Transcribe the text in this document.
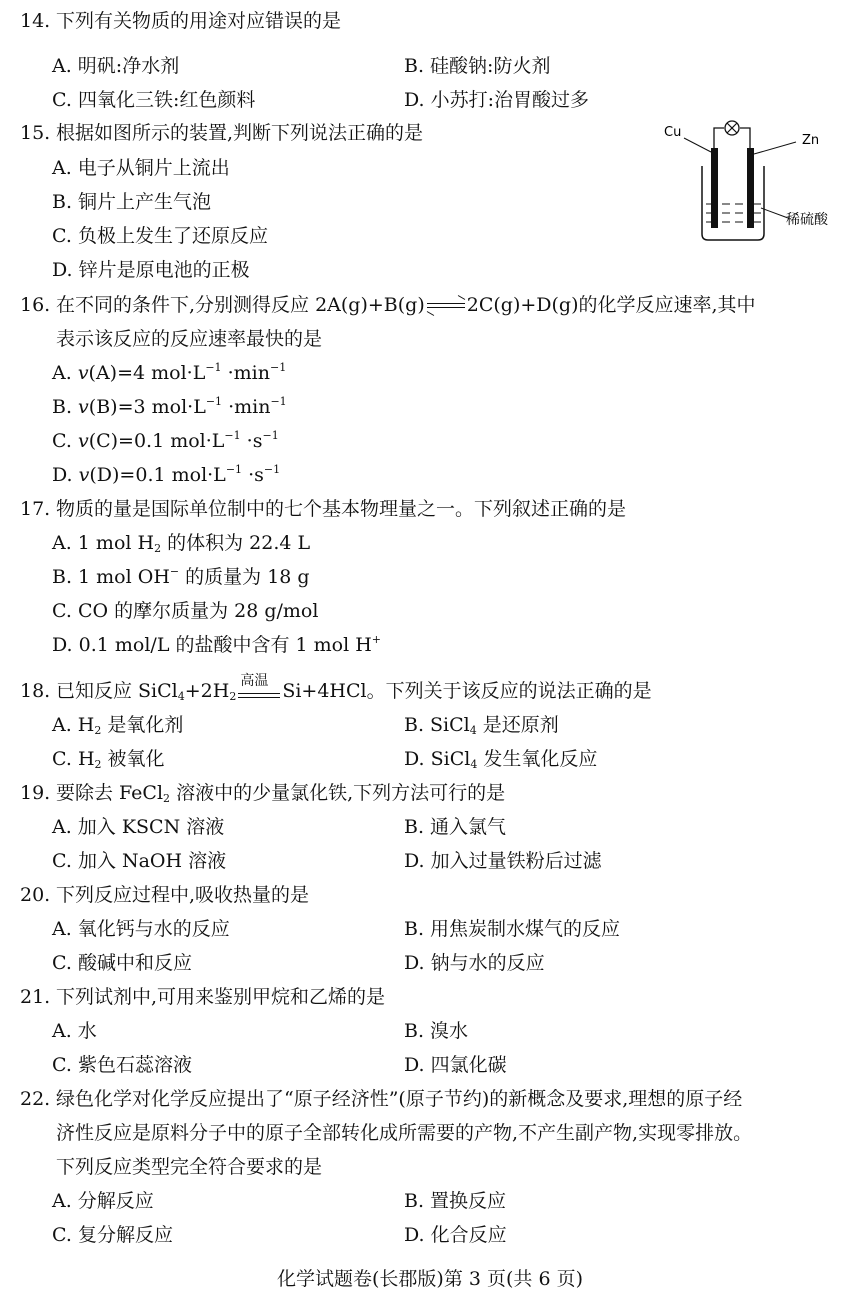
14. 下列有关物质的用途对应错误的是
A. 明矾:净水剂	B. 硅酸钠:防火剂
C. 四氧化三铁:红色颜料	D. 小苏打:治胃酸过多
15. 根据如图所示的装置,判断下列说法正确的是
A. 电子从铜片上流出
B. 铜片上产生气泡
C. 负极上发生了还原反应
D. 锌片是原电池的正极
Cu
Zn
稀硫酸
16. 在不同的条件下,分别测得反应 2A(g)+B(g)⇌2C(g)+D(g)的化学反应速率,其中
表示该反应的反应速率最快的是
A. v(A)=4 $mol\cdot L^{-1} \cdot\min^{-1}$
B. v(B)=3 $mol\cdot L^{-1} \cdot\min^{-1}$
C. v(C)=0.1 $mol\cdot L^{-1} \cdot s^{-1}$
D. v(D)=0.1 $mol\cdot L^{-1} \cdot s^{-1}$
17. 物质的量是国际单位制中的七个基本物理量之一。下列叙述正确的是
A. 1 mol $H_2$ 的体积为 22.4 L
B. 1 mol OH− 的质量为 18 g
C. CO 的摩尔质量为 28 g/mol
D. 0.1 mol/L 的盐酸中含有 1 mol H+
18. 已知反应 $SiCl_4+2H_2$
高温 Si+4HCl。下列关于该反应的说法正确的是
A. $H_2$ 是氧化剂	B. SiCl$_4$ 是还原剂
C. $H_2$ 被氧化	D. SiCl$_4$ 发生氧化反应
19. 要除去 FeCl$_2$ 溶液中的少量氯化铁,下列方法可行的是
A. 加入 KSCN 溶液	B. 通入氯气
C. 加入 NaOH 溶液	D. 加入过量铁粉后过滤
20. 下列反应过程中,吸收热量的是
A. 氧化钙与水的反应	B. 用焦炭制水煤气的反应
C. 酸碱中和反应	D. 钠与水的反应
21. 下列试剂中,可用来鉴别甲烷和乙烯的是
A. 水	B. 溴水
C. 紫色石蕊溶液	D. 四氯化碳
22. 绿色化学对化学反应提出了“原子经济性”(原子节约)的新概念及要求,理想的原子经
济性反应是原料分子中的原子全部转化成所需要的产物,不产生副产物,实现零排放。
下列反应类型完全符合要求的是
A. 分解反应	B. 置换反应
C. 复分解反应	D. 化合反应
化学试题卷(长郡版)第 3 页(共 6 页)
